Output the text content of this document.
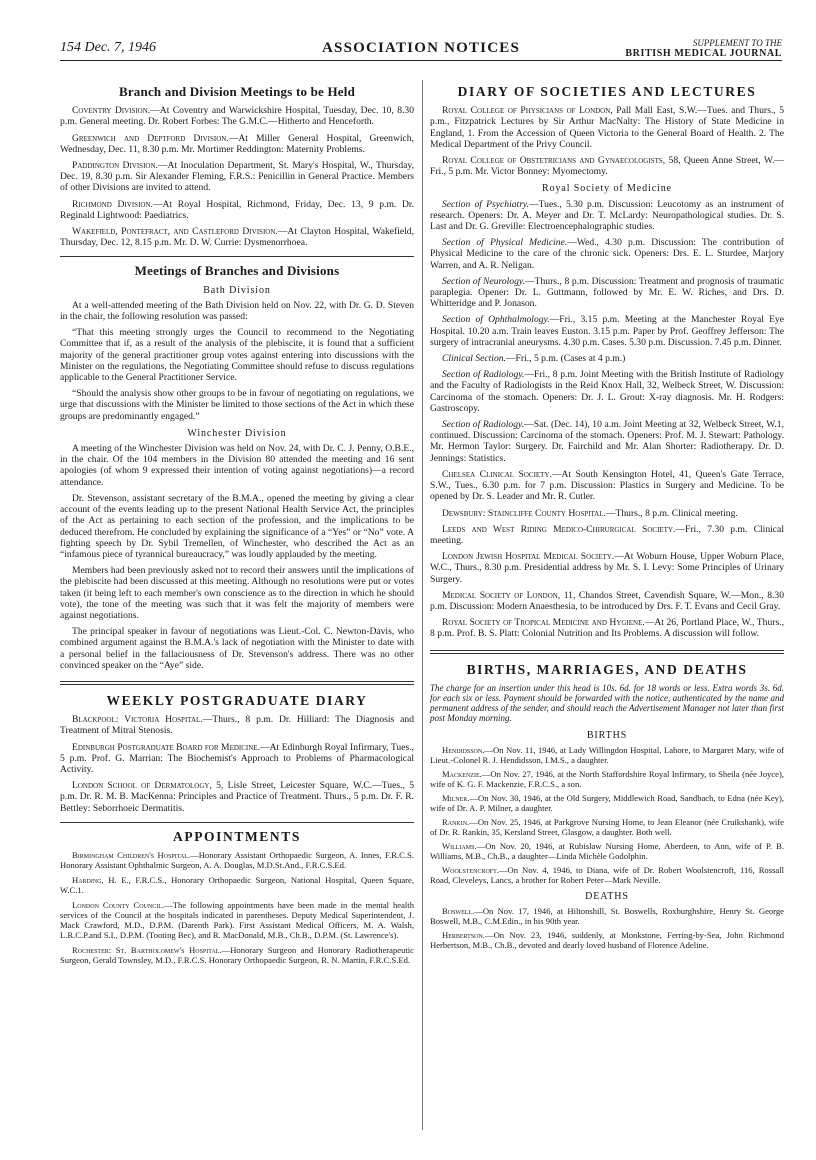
154 Dec. 7, 1946	ASSOCIATION NOTICES	SUPPLEMENT TO THE
BRITISH MEDICAL JOURNAL
Branch and Division Meetings to be Held

Coventry Division.—At Coventry and Warwickshire Hospital, Tuesday, Dec. 10, 8.30 p.m. General meeting. Dr. Robert Forbes: The G.M.C.—Hitherto and Henceforth.

Greenwich and Deptford Division.—At Miller General Hospital, Greenwich, Wednesday, Dec. 11, 8.30 p.m. Mr. Mortimer Reddington: Maternity Problems.

Paddington Division.—At Inoculation Department, St. Mary's Hospital, W., Thursday, Dec. 19, 8.30 p.m. Sir Alexander Fleming, F.R.S.: Penicillin in General Practice. Members of other Divisions are invited to attend.

Richmond Division.—At Royal Hospital, Richmond, Friday, Dec. 13, 9 p.m. Dr. Reginald Lightwood: Paediatrics.

Wakefield, Pontefract, and Castleford Division.—At Clayton Hospital, Wakefield, Thursday, Dec. 12, 8.15 p.m. Mr. D. W. Currie: Dysmenorrhoea.

Meetings of Branches and Divisions
Bath Division

At a well-attended meeting of the Bath Division held on Nov. 22, with Dr. G. D. Steven in the chair, the following resolution was passed:

“That this meeting strongly urges the Council to recommend to the Negotiating Committee that if, as a result of the analysis of the plebiscite, it is found that a sufficient majority of the general practitioner group votes against entering into discussions with the Minister on the regulations, the Negotiating Committee should refuse to discuss regulations applicable to the General Practitioner Service.

“Should the analysis show other groups to be in favour of negotiating on regulations, we urge that discussions with the Minister be limited to those sections of the Act in which these groups are predominantly engaged.”

Winchester Division

A meeting of the Winchester Division was held on Nov. 24, with Dr. C. J. Penny, O.B.E., in the chair. Of the 104 members in the Division 80 attended the meeting and 16 sent apologies (of whom 9 expressed their intention of voting against negotiations)—a record attendance.

Dr. Stevenson, assistant secretary of the B.M.A., opened the meeting by giving a clear account of the events leading up to the present National Health Service Act, the principles of the Act as pertaining to each section of the profession, and the implications to be deduced therefrom. He concluded by explaining the significance of a “Yes” or “No” vote. A fighting speech by Dr. Sybil Tremellen, of Winchester, who described the Act as an “infamous piece of tyrannical bureaucracy,” was loudly applauded by the meeting.

Members had been previously asked not to record their answers until the implications of the plebiscite had been discussed at this meeting. Although no resolutions were put or votes taken (it being left to each member's own conscience as to the direction in which he should vote), the tone of the meeting was such that it was felt the majority of members were against negotiations.

The principal speaker in favour of negotiations was Lieut.-Col. C. Newton-Davis, who combined argument against the B.M.A.'s lack of negotiation with the Minister to date with a personal belief in the fallaciousness of Dr. Stevenson's address. There was no other convinced speaker on the “Aye” side.

WEEKLY POSTGRADUATE DIARY

Blackpool: Victoria Hospital.—Thurs., 8 p.m. Dr. Hilliard: The Diagnosis and Treatment of Mitral Stenosis.

Edinburgh Postgraduate Board for Medicine.—At Edinburgh Royal Infirmary, Tues., 5 p.m. Prof. G. Marrian: The Biochemist's Approach to Problems of Pharmacological Activity.

London School of Dermatology, 5, Lisle Street, Leicester Square, W.C.—Tues., 5 p.m. Dr. R. M. B. MacKenna: Principles and Practice of Treatment. Thurs., 5 p.m. Dr. F. R. Bettley: Seborrhoeic Dermatitis.

APPOINTMENTS

Birmingham Children's Hospital.—Honorary Assistant Orthopaedic Surgeon, A. Innes, F.R.C.S. Honorary Assistant Ophthalmic Surgeon, A. A. Douglas, M.D.St.And., F.R.C.S.Ed.

Harding, H. E., F.R.C.S., Honorary Orthopaedic Surgeon, National Hospital, Queen Square, W.C.1.

London County Council.—The following appointments have been made in the mental health services of the Council at the hospitals indicated in parentheses. Deputy Medical Superintendent, J. Mack Crawford, M.D., D.P.M. (Darenth Park). First Assistant Medical Officers, M. A. Walsh, L.R.C.P.and S.I., D.P.M. (Tooting Bec), and R. MacDonald, M.B., Ch.B., D.P.M. (St. Lawrence's).

Rochester: St. Bartholomew's Hospital.—Honorary Surgeon and Honorary Radiotherapeutic Surgeon, Gerald Townsley, M.D., F.R.C.S. Honorary Orthopaedic Surgeon, R. N. Martin, F.R.C.S.Ed.

DIARY OF SOCIETIES AND LECTURES

Royal College of Physicians of London, Pall Mall East, S.W.—Tues. and Thurs., 5 p.m., Fitzpatrick Lectures by Sir Arthur MacNalty: The History of State Medicine in England, 1. From the Accession of Queen Victoria to the General Board of Health. 2. The Medical Department of the Privy Council.

Royal College of Obstetricians and Gynaecologists, 58, Queen Anne Street, W.—Fri., 5 p.m. Mr. Victor Bonney: Myomectomy.

Royal Society of Medicine

Section of Psychiatry.—Tues., 5.30 p.m. Discussion: Leucotomy as an instrument of research. Openers: Dr. A. Meyer and Dr. T. McLardy: Neuropathological studies. Dr. S. Last and Dr. G. Greville: Electroencephalographic studies.

Section of Physical Medicine.—Wed., 4.30 p.m. Discussion: The contribution of Physical Medicine to the care of the chronic sick. Openers: Drs. E. L. Sturdee, Marjory Warren, and A. R. Neligan.

Section of Neurology.—Thurs., 8 p.m. Discussion: Treatment and prognosis of traumatic paraplegia. Opener: Dr. L. Guttmann, followed by Mr. E. W. Riches, and Drs. D. Whitteridge and P. Jonason.

Section of Ophthalmology.—Fri., 3.15 p.m. Meeting at the Manchester Royal Eye Hospital. 10.20 a.m. Train leaves Euston. 3.15 p.m. Paper by Prof. Geoffrey Jefferson: The surgery of intracranial aneurysms. 4.30 p.m. Cases. 5.30 p.m. Discussion. 7.45 p.m. Dinner.

Clinical Section.—Fri., 5 p.m. (Cases at 4 p.m.)

Section of Radiology.—Fri., 8 p.m. Joint Meeting with the British Institute of Radiology and the Faculty of Radiologists in the Reid Knox Hall, 32, Welbeck Street, W. Discussion: Carcinoma of the stomach. Openers: Dr. J. L. Grout: X-ray diagnosis. Mr. H. Rodgers: Gastroscopy.

Section of Radiology.—Sat. (Dec. 14), 10 a.m. Joint Meeting at 32, Welbeck Street, W.1, continued. Discussion: Carcinoma of the stomach. Openers: Prof. M. J. Stewart: Pathology. Mr. Hermon Taylor: Surgery. Dr. Fairchild and Mr. Alan Shorter: Radiotherapy. Dr. D. Jennings: Statistics.

Chelsea Clinical Society.—At South Kensington Hotel, 41, Queen's Gate Terrace, S.W., Tues., 6.30 p.m. for 7 p.m. Discussion: Plastics in Surgery and Medicine. To be opened by Dr. S. Leader and Mr. R. Cutler.

Dewsbury: Staincliffe County Hospital.—Thurs., 8 p.m. Clinical meeting.

Leeds and West Riding Medico-Chirurgical Society.—Fri., 7.30 p.m. Clinical meeting.

London Jewish Hospital Medical Society.—At Woburn House, Upper Woburn Place, W.C., Thurs., 8.30 p.m. Presidential address by Mr. S. I. Levy: Some Principles of Urinary Surgery.

Medical Society of London, 11, Chandos Street, Cavendish Square, W.—Mon., 8.30 p.m. Discussion: Modern Anaesthesia, to be introduced by Drs. F. T. Evans and Cecil Gray.

Royal Society of Tropical Medicine and Hygiene.—At 26, Portland Place, W., Thurs., 8 p.m. Prof. B. S. Platt: Colonial Nutrition and Its Problems. A discussion will follow.

BIRTHS, MARRIAGES, AND DEATHS

The charge for an insertion under this head is 10s. 6d. for 18 words or less. Extra words 3s. 6d. for each six or less. Payment should be forwarded with the notice, authenticated by the name and permanent address of the sender, and should reach the Advertisement Manager not later than first post Monday morning.

BIRTHS

Hendidsson.—On Nov. 11, 1946, at Lady Willingdon Hospital, Lahore, to Margaret Mary, wife of Lieut.-Colonel R. J. Hendidsson, I.M.S., a daughter.

Mackenzie.—On Nov. 27, 1946, at the North Staffordshire Royal Infirmary, to Sheila (née Joyce), wife of K. G. F. Mackenzie, F.R.C.S., a son.

Milner.—On Nov. 30, 1946, at the Old Surgery, Middlewich Road, Sandbach, to Edna (née Key), wife of Dr. A. P. Milner, a daughter.

Rankin.—On Nov. 25, 1946, at Parkgrove Nursing Home, to Jean Eleanor (née Cruikshank), wife of Dr. R. Rankin, 35, Kersland Street, Glasgow, a daughter. Both well.

Williams.—On Nov. 20, 1946, at Rubislaw Nursing Home, Aberdeen, to Ann, wife of P. B. Williams, M.B., Ch.B., a daughter—Linda Michèle Godolphin.

Woolstencroft.—On Nov. 4, 1946, to Diana, wife of Dr. Robert Woolstencroft, 116, Rossall Road, Cleveleys, Lancs, a brother for Robert Peter—Mark Neville.

DEATHS

Boswell.—On Nov. 17, 1946, at Hiltonshill, St. Boswells, Roxburghshire, Henry St. George Boswell, M.B., C.M.Edin., in his 90th year.

Herbertson.—On Nov. 23, 1946, suddenly, at Monkstone, Ferring-by-Sea, John Richmond Herbertson, M.B., Ch.B., devoted and dearly loved husband of Florence Adeline.
